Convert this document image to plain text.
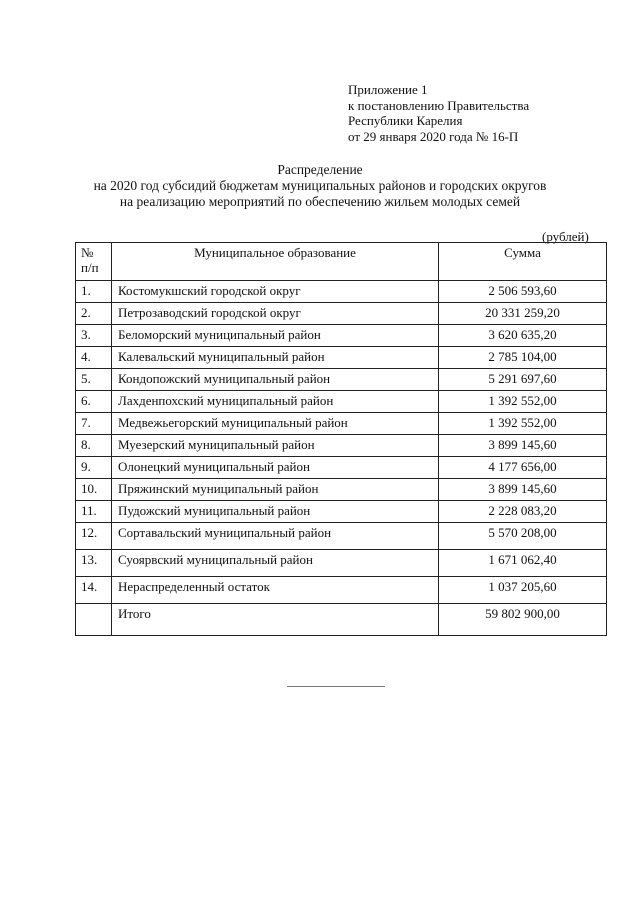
Приложение 1
к постановлению Правительства
Республики Карелия
от 29 января 2020 года № 16-П
Распределение
на 2020 год субсидий бюджетам муниципальных районов и городских округов
на реализацию мероприятий по обеспечению жильем молодых семей
(рублей)
№
п/п	Муниципальное образование	Сумма
1.	Костомукшский городской округ	2 506 593,60
2.	Петрозаводский городской округ	20 331 259,20
3.	Беломорский муниципальный район	3 620 635,20
4.	Калевальский муниципальный район	2 785 104,00
5.	Кондопожский муниципальный район	5 291 697,60
6.	Лахденпохский муниципальный район	1 392 552,00
7.	Медвежьегорский муниципальный район	1 392 552,00
8.	Муезерский муниципальный район	3 899 145,60
9.	Олонецкий муниципальный район	4 177 656,00
10.	Пряжинский муниципальный район	3 899 145,60
11.	Пудожский муниципальный район	2 228 083,20
12.	Сортавальский муниципальный район	5 570 208,00
13.	Суоярвский муниципальный район	1 671 062,40
14.	Нераспределенный остаток	1 037 205,60
	Итого	59 802 900,00
